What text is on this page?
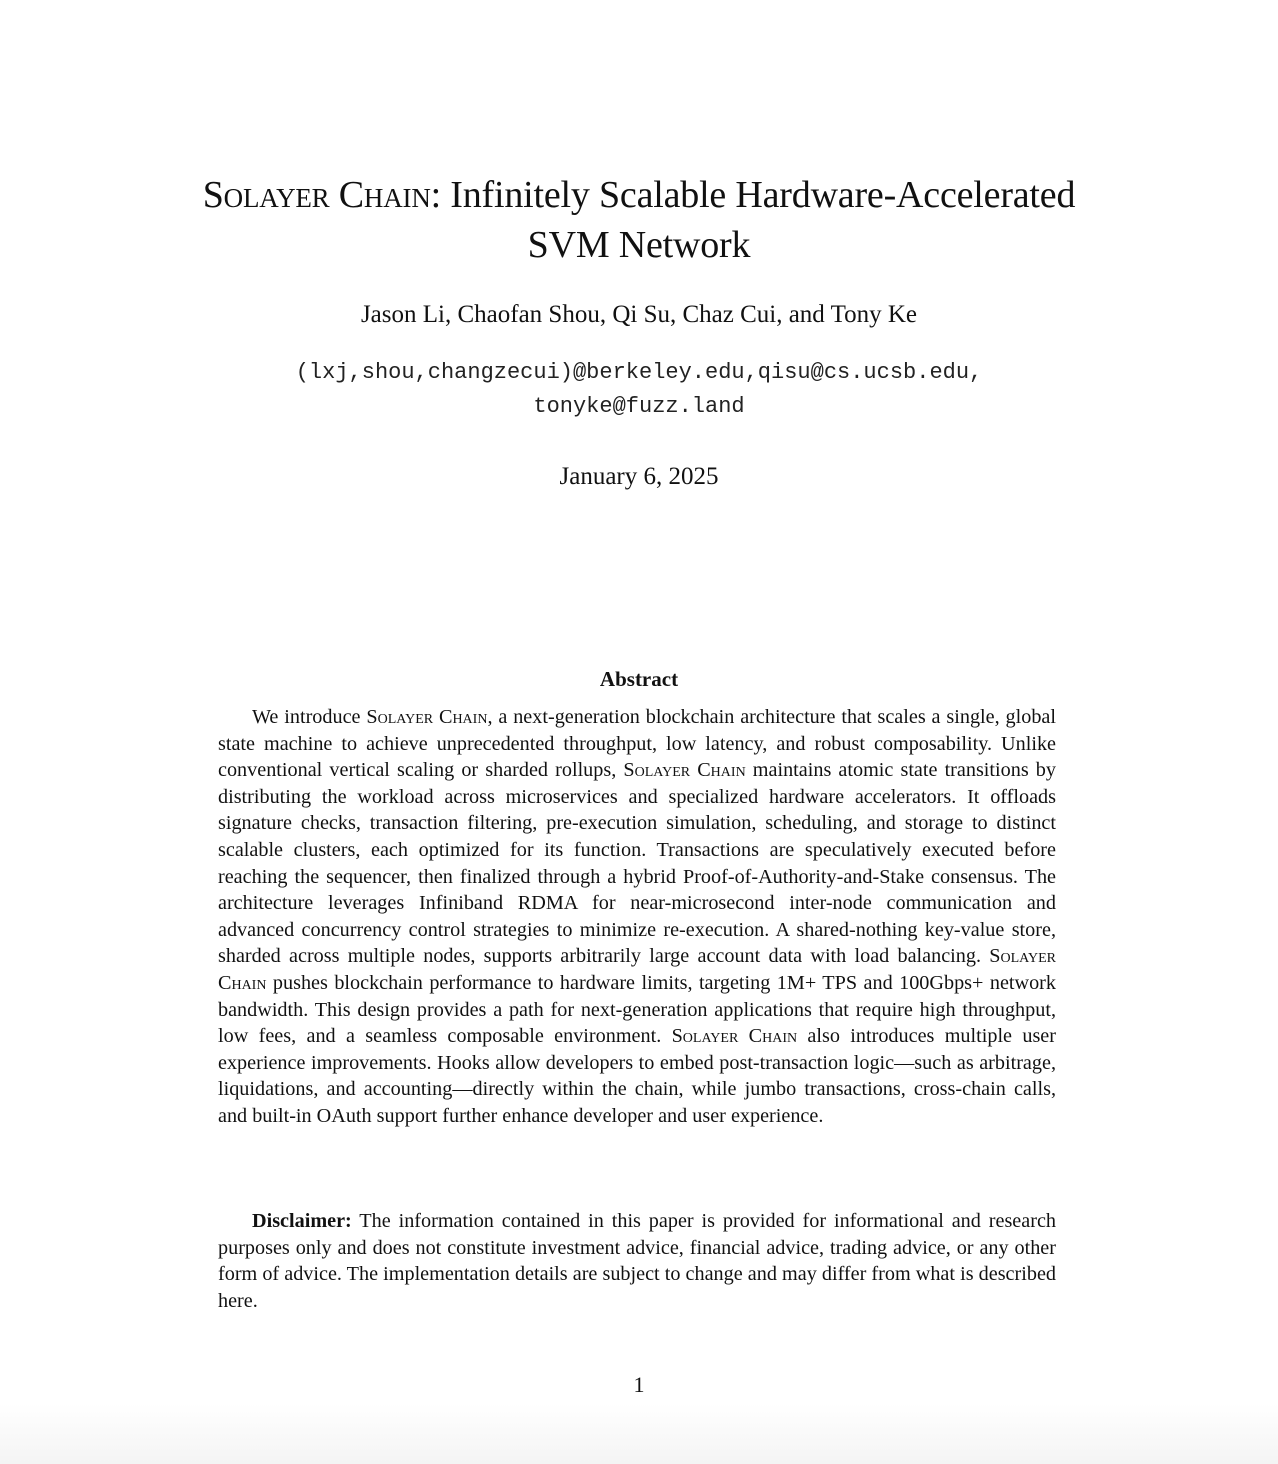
Solayer Chain: Infinitely Scalable Hardware-Accelerated
SVM Network
Jason Li, Chaofan Shou, Qi Su, Chaz Cui, and Tony Ke
(lxj,shou,changzecui)@berkeley.edu,qisu@cs.ucsb.edu,
tonyke@fuzz.land
January 6, 2025
Abstract

We introduce Solayer Chain, a next-generation blockchain architecture that scales a single, global state machine to achieve unprecedented throughput, low latency, and robust composability. Unlike conventional vertical scaling or sharded rollups, Solayer Chain maintains atomic state transitions by distributing the workload across microservices and specialized hardware accelerators. It offloads signature checks, transaction filtering, pre-execution simulation, scheduling, and storage to distinct scalable clusters, each optimized for its function. Transactions are speculatively executed before reaching the sequencer, then finalized through a hybrid Proof-of-Authority-and-Stake consensus. The architecture leverages Infiniband RDMA for near-microsecond inter-node communication and advanced concurrency control strategies to minimize re-execution. A shared-nothing key-value store, sharded across multiple nodes, supports arbitrarily large account data with load balancing. Solayer Chain pushes blockchain performance to hardware limits, targeting 1M+ TPS and 100Gbps+ network bandwidth. This design provides a path for next-generation applications that require high throughput, low fees, and a seamless composable environment. Solayer Chain also introduces multiple user experience improvements. Hooks allow developers to embed post-transaction logic—such as arbitrage, liquidations, and accounting—directly within the chain, while jumbo transactions, cross-chain calls, and built-in OAuth support further enhance developer and user experience.

Disclaimer: The information contained in this paper is provided for informational and research purposes only and does not constitute investment advice, financial advice, trading advice, or any other form of advice. The implementation details are subject to change and may differ from what is described here.

1
